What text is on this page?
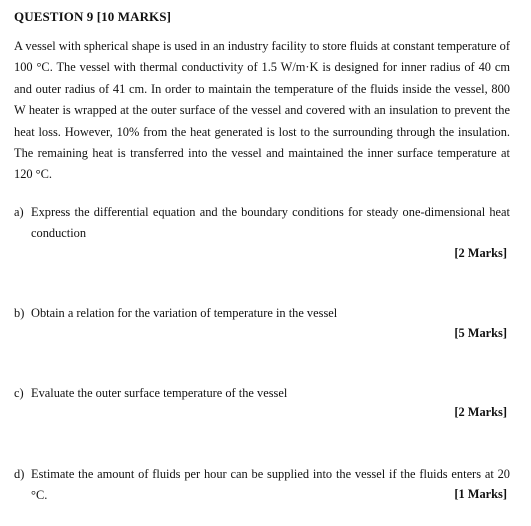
QUESTION 9 [10 MARKS]
A vessel with spherical shape is used in an industry facility to store fluids at constant temperature of 100 °C. The vessel with thermal conductivity of 1.5 W/m·K is designed for inner radius of 40 cm and outer radius of 41 cm. In order to maintain the temperature of the fluids inside the vessel, 800 W heater is wrapped at the outer surface of the vessel and covered with an insulation to prevent the heat loss. However, 10% from the heat generated is lost to the surrounding through the insulation. The remaining heat is transferred into the vessel and maintained the inner surface temperature at 120 °C.
a) Express the differential equation and the boundary conditions for steady one-dimensional heat
conduction
[2 Marks]
b) Obtain a relation for the variation of temperature in the vessel
[5 Marks]
c) Evaluate the outer surface temperature of the vessel
[2 Marks]
d) Estimate the amount of fluids per hour can be supplied into the vessel if the fluids enters at 20 °C.	[1 Marks]
